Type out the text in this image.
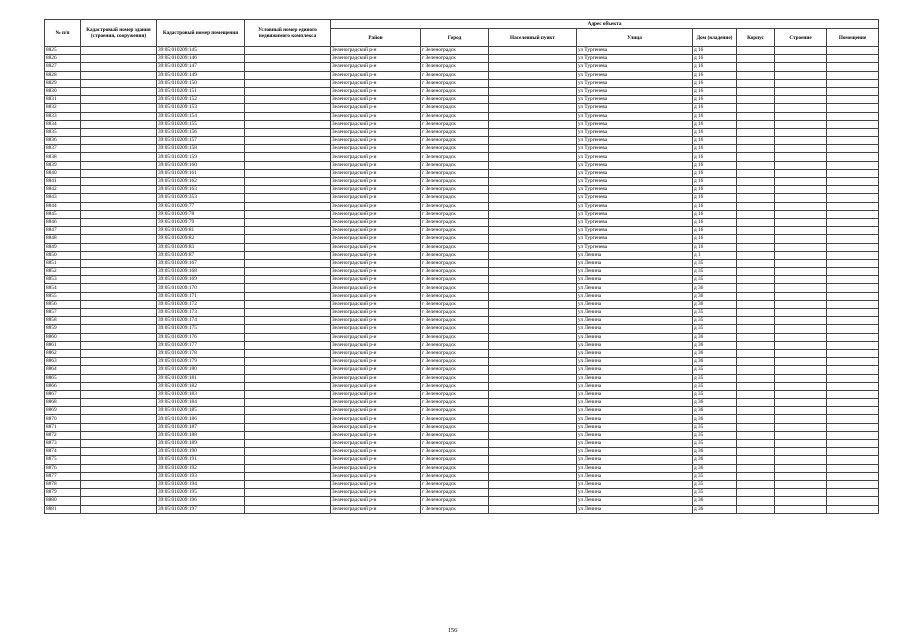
№ п/п	Кадастровый номер здания (строения, сооружения)	Кадастровый номер помещения	Условный номер единого недвижимого комплекса	Адрес объекта							
				Район	Город	Населенный пункт	Улица	Дом (владение)	Корпус	Строение	Помещение
8825		39:05:010209:145		Зеленоградский р-н	г Зеленоградск		ул Тургенева	д 16			
8826		39:05:010209:146		Зеленоградский р-н	г Зеленоградск		ул Тургенева	д 16			
8827		39:05:010209:147		Зеленоградский р-н	г Зеленоградск		ул Тургенева	д 16			
8828		39:05:010209:149		Зеленоградский р-н	г Зеленоградск		ул Тургенева	д 16			
8829		39:05:010209:150		Зеленоградский р-н	г Зеленоградск		ул Тургенева	д 16			
8830		39:05:010209:151		Зеленоградский р-н	г Зеленоградск		ул Тургенева	д 16			
8831		39:05:010209:152		Зеленоградский р-н	г Зеленоградск		ул Тургенева	д 16			
8832		39:05:010209:153		Зеленоградский р-н	г Зеленоградск		ул Тургенева	д 16			
8833		39:05:010209:154		Зеленоградский р-н	г Зеленоградск		ул Тургенева	д 16			
8834		39:05:010209:155		Зеленоградский р-н	г Зеленоградск		ул Тургенева	д 16			
8835		39:05:010209:156		Зеленоградский р-н	г Зеленоградск		ул Тургенева	д 16			
8836		39:05:010209:157		Зеленоградский р-н	г Зеленоградск		ул Тургенева	д 16			
8837		39:05:010209:158		Зеленоградский р-н	г Зеленоградск		ул Тургенева	д 16			
8838		39:05:010209:159		Зеленоградский р-н	г Зеленоградск		ул Тургенева	д 16			
8839		39:05:010209:160		Зеленоградский р-н	г Зеленоградск		ул Тургенева	д 16			
8840		39:05:010209:161		Зеленоградский р-н	г Зеленоградск		ул Тургенева	д 16			
8841		39:05:010209:162		Зеленоградский р-н	г Зеленоградск		ул Тургенева	д 16			
8842		39:05:010209:163		Зеленоградский р-н	г Зеленоградск		ул Тургенева	д 16			
8843		39:05:010209:353		Зеленоградский р-н	г Зеленоградск		ул Тургенева	д 16			
8844		39:05:010209:77		Зеленоградский р-н	г Зеленоградск		ул Тургенева	д 16			
8845		39:05:010209:78		Зеленоградский р-н	г Зеленоградск		ул Тургенева	д 16			
8846		39:05:010209:79		Зеленоградский р-н	г Зеленоградск		ул Тургенева	д 16			
8847		39:05:010209:81		Зеленоградский р-н	г Зеленоградск		ул Тургенева	д 16			
8848		39:05:010209:82		Зеленоградский р-н	г Зеленоградск		ул Тургенева	д 16			
8849		39:05:010209:83		Зеленоградский р-н	г Зеленоградск		ул Тургенева	д 16			
8850		39:05:010209:87		Зеленоградский р-н	г Зеленоградск		ул Ленина	д 1			
8851		39:05:010209:167		Зеленоградский р-н	г Зеленоградск		ул Ленина	д 35			
8852		39:05:010209:168		Зеленоградский р-н	г Зеленоградск		ул Ленина	д 35			
8853		39:05:010209:169		Зеленоградский р-н	г Зеленоградск		ул Ленина	д 35			
8854		39:05:010209:170		Зеленоградский р-н	г Зеленоградск		ул Ленина	д 36			
8855		39:05:010209:171		Зеленоградский р-н	г Зеленоградск		ул Ленина	д 36			
8856		39:05:010209:172		Зеленоградский р-н	г Зеленоградск		ул Ленина	д 36			
8857		39:05:010209:173		Зеленоградский р-н	г Зеленоградск		ул Ленина	д 35			
8858		39:05:010209:174		Зеленоградский р-н	г Зеленоградск		ул Ленина	д 35			
8859		39:05:010209:175		Зеленоградский р-н	г Зеленоградск		ул Ленина	д 35			
8860		39:05:010209:176		Зеленоградский р-н	г Зеленоградск		ул Ленина	д 36			
8861		39:05:010209:177		Зеленоградский р-н	г Зеленоградск		ул Ленина	д 36			
8862		39:05:010209:178		Зеленоградский р-н	г Зеленоградск		ул Ленина	д 36			
8863		39:05:010209:179		Зеленоградский р-н	г Зеленоградск		ул Ленина	д 36			
8864		39:05:010209:180		Зеленоградский р-н	г Зеленоградск		ул Ленина	д 35			
8865		39:05:010209:181		Зеленоградский р-н	г Зеленоградск		ул Ленина	д 35			
8866		39:05:010209:182		Зеленоградский р-н	г Зеленоградск		ул Ленина	д 35			
8867		39:05:010209:183		Зеленоградский р-н	г Зеленоградск		ул Ленина	д 35			
8868		39:05:010209:184		Зеленоградский р-н	г Зеленоградск		ул Ленина	д 36			
8869		39:05:010209:185		Зеленоградский р-н	г Зеленоградск		ул Ленина	д 36			
8870		39:05:010209:186		Зеленоградский р-н	г Зеленоградск		ул Ленина	д 36			
8871		39:05:010209:187		Зеленоградский р-н	г Зеленоградск		ул Ленина	д 35			
8872		39:05:010209:188		Зеленоградский р-н	г Зеленоградск		ул Ленина	д 35			
8873		39:05:010209:189		Зеленоградский р-н	г Зеленоградск		ул Ленина	д 35			
8874		39:05:010209:190		Зеленоградский р-н	г Зеленоградск		ул Ленина	д 36			
8875		39:05:010209:191		Зеленоградский р-н	г Зеленоградск		ул Ленина	д 36			
8876		39:05:010209:192		Зеленоградский р-н	г Зеленоградск		ул Ленина	д 36			
8877		39:05:010209:193		Зеленоградский р-н	г Зеленоградск		ул Ленина	д 35			
8878		39:05:010209:194		Зеленоградский р-н	г Зеленоградск		ул Ленина	д 35			
8879		39:05:010209:195		Зеленоградский р-н	г Зеленоградск		ул Ленина	д 35			
8880		39:05:010209:196		Зеленоградский р-н	г Зеленоградск		ул Ленина	д 36			
8881		39:05:010209:197		Зеленоградский р-н	г Зеленоградск		ул Ленина	д 36			
156
